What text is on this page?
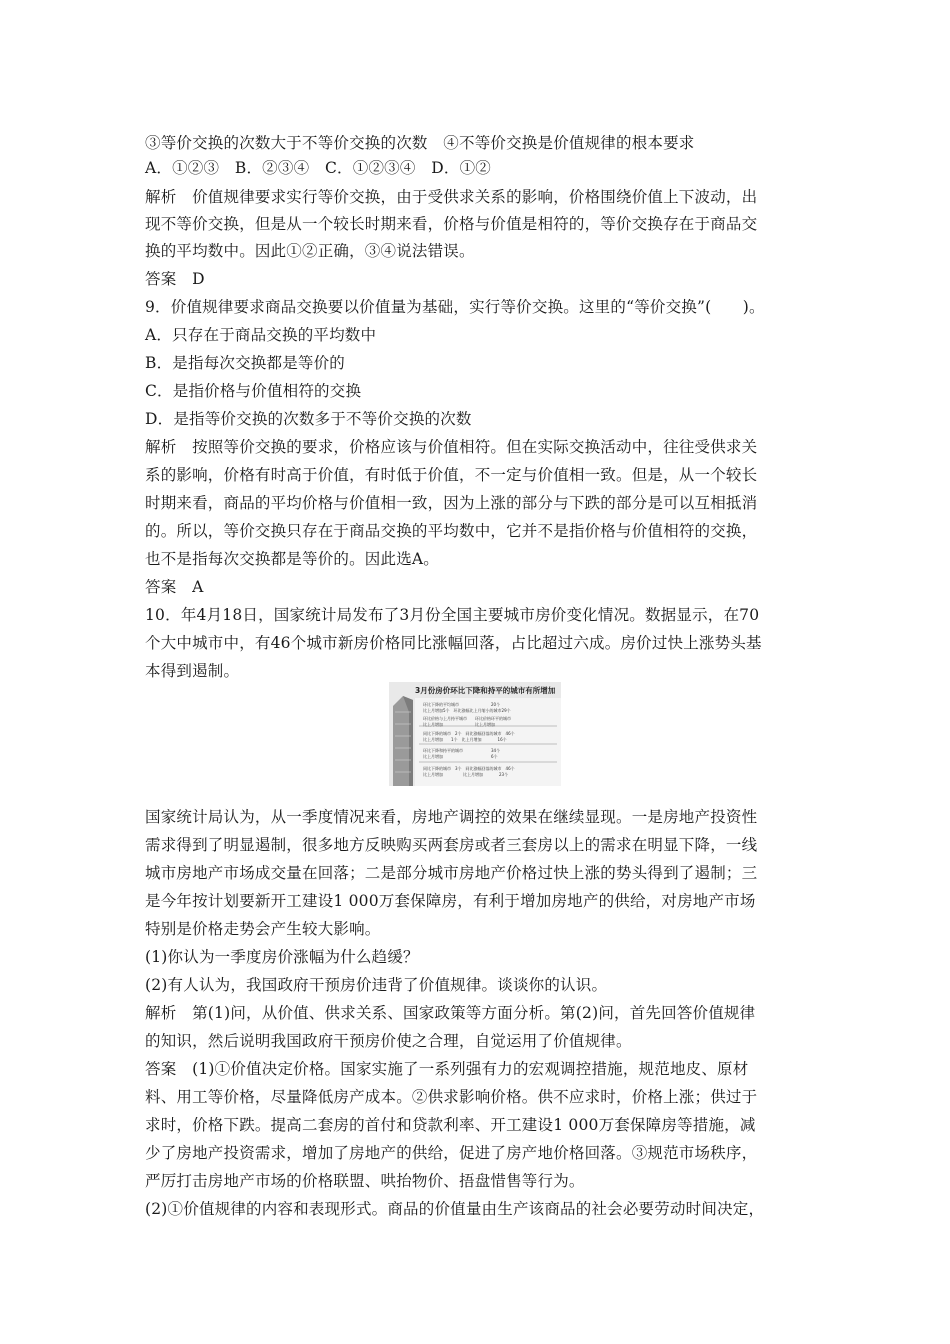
③等价交换的次数大于不等价交换的次数　④不等价交换是价值规律的根本要求
A．①②③　B．②③④　C．①②③④　D．①②
解析　价值规律要求实行等价交换，由于受供求关系的影响，价格围绕价值上下波动，出
现不等价交换，但是从一个较长时期来看，价格与价值是相符的，等价交换存在于商品交
换的平均数中。因此①②正确，③④说法错误。
答案　D
9．价值规律要求商品交换要以价值量为基础，实行等价交换。这里的“等价交换”(　　)。
A．只存在于商品交换的平均数中
B．是指每次交换都是等价的
C．是指价格与价值相符的交换
D．是指等价交换的次数多于不等价交换的次数
解析　按照等价交换的要求，价格应该与价值相符。但在实际交换活动中，往往受供求关
系的影响，价格有时高于价值，有时低于价值，不一定与价值相一致。但是，从一个较长
时期来看，商品的平均价格与价值相一致，因为上涨的部分与下跌的部分是可以互相抵消
的。所以，等价交换只存在于商品交换的平均数中，它并不是指价格与价值相符的交换，
也不是指每次交换都是等价的。因此选A。
答案　A
10．年4月18日，国家统计局发布了3月份全国主要城市房价变化情况。数据显示，在70
个大中城市中，有46个城市新房价格同比涨幅回落，占比超过六成。房价过快上涨势头基
本得到遏制。
国家统计局认为，从一季度情况来看，房地产调控的效果在继续显现。一是房地产投资性
需求得到了明显遏制，很多地方反映购买两套房或者三套房以上的需求在明显下降，一线
城市房地产市场成交量在回落；二是部分城市房地产价格过快上涨的势头得到了遏制；三
是今年按计划要新开工建设1 000万套保障房，有利于增加房地产的供给，对房地产市场
特别是价格走势会产生较大影响。
(1)你认为一季度房价涨幅为什么趋缓？
(2)有人认为，我国政府干预房价违背了价值规律。谈谈你的认识。
解析　第(1)问，从价值、供求关系、国家政策等方面分析。第(2)问，首先回答价值规律
的知识，然后说明我国政府干预房价使之合理，自觉运用了价值规律。
答案　(1)①价值决定价格。国家实施了一系列强有力的宏观调控措施，规范地皮、原材
料、用工等价格，尽量降低房产成本。②供求影响价格。供不应求时，价格上涨；供过于
求时，价格下跌。提高二套房的首付和贷款利率、开工建设1 000万套保障房等措施，减
少了房地产投资需求，增加了房地产的供给，促进了房产地价格回落。③规范市场秩序，
严厉打击房地产市场的价格联盟、哄抬物价、捂盘惜售等行为。
(2)①价值规律的内容和表现形式。商品的价值量由生产该商品的社会必要劳动时间决定，
3月份房价环比下降和持平的城市有所增加
环比下降的平均城市　　　　　　　　20个
比上月增加5个　环比涨幅比上月缩小的城市29个
环比价格与上月持平城市　　环比价格环平的城市
比上月增加　　　　　　　　比上月增加
同比下降的城市　2个　同比涨幅回落的城市　46个
比上月增加　　1个　比上月增加　　　　16个
环比下降和持平的城市　　　　　　　34个
比上月增加　　　　　　　　　　　　6个
同比下降的城市　3个　同比涨幅回落的城市　46个
比上月增加　　　　　比上月增加　　　　23个
